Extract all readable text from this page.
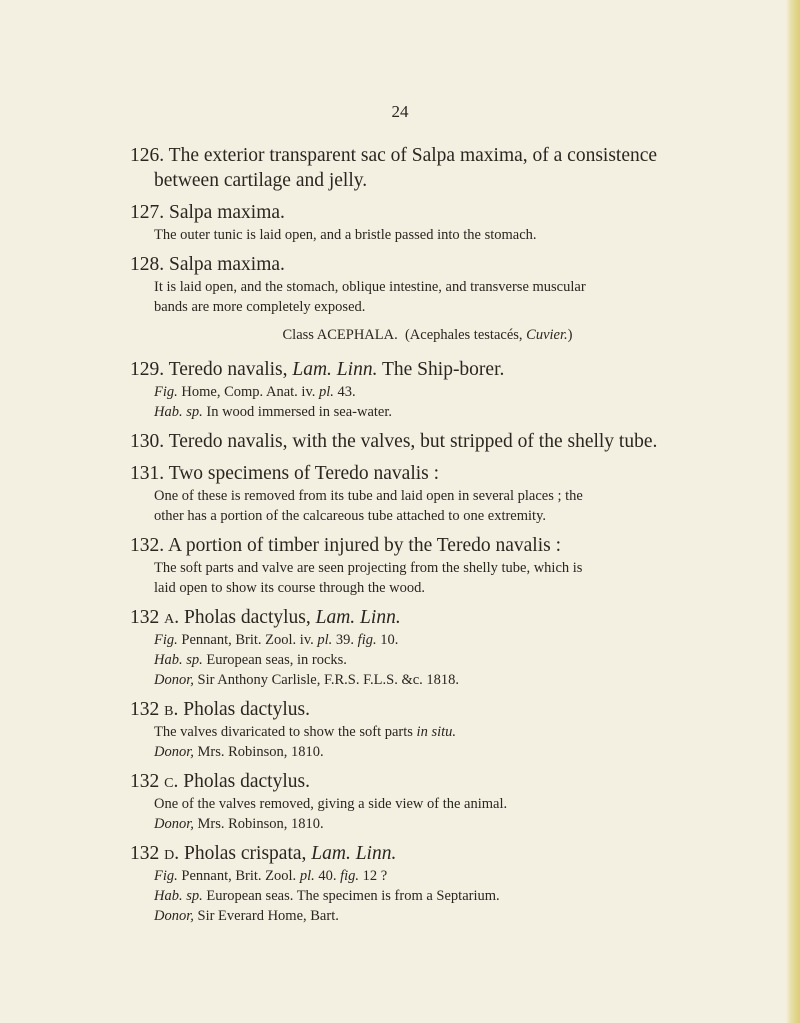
24
126. The exterior transparent sac of Salpa maxima, of a consistence
between cartilage and jelly.
127. Salpa maxima.
The outer tunic is laid open, and a bristle passed into the stomach.
128. Salpa maxima.
It is laid open, and the stomach, oblique intestine, and transverse muscular
bands are more completely exposed.
Class ACEPHALA. (Acephales testacés, Cuvier.)
129. Teredo navalis, Lam. Linn. The Ship-borer.
Fig. Home, Comp. Anat. iv. pl. 43.
Hab. sp. In wood immersed in sea-water.
130. Teredo navalis, with the valves, but stripped of the shelly tube.
131. Two specimens of Teredo navalis :
One of these is removed from its tube and laid open in several places ; the
other has a portion of the calcareous tube attached to one extremity.
132. A portion of timber injured by the Teredo navalis :
The soft parts and valve are seen projecting from the shelly tube, which is
laid open to show its course through the wood.
132 a. Pholas dactylus, Lam. Linn.
Fig. Pennant, Brit. Zool. iv. pl. 39. fig. 10.
Hab. sp. European seas, in rocks.
Donor, Sir Anthony Carlisle, F.R.S. F.L.S. &c. 1818.
132 b. Pholas dactylus.
The valves divaricated to show the soft parts in situ.
Donor, Mrs. Robinson, 1810.
132 c. Pholas dactylus.
One of the valves removed, giving a side view of the animal.
Donor, Mrs. Robinson, 1810.
132 d. Pholas crispata, Lam. Linn.
Fig. Pennant, Brit. Zool. pl. 40. fig. 12 ?
Hab. sp. European seas. The specimen is from a Septarium.
Donor, Sir Everard Home, Bart.
